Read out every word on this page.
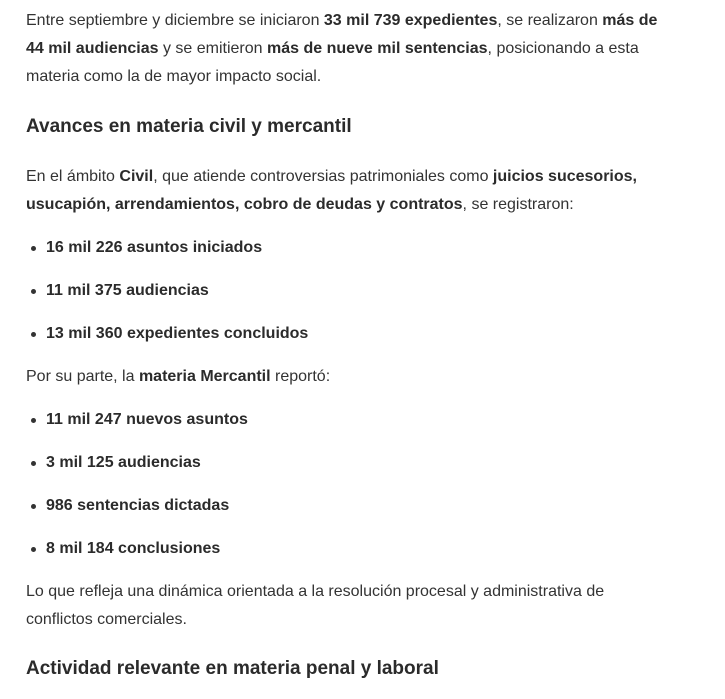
Entre septiembre y diciembre se iniciaron 33 mil 739 expedientes, se realizaron más de 44 mil audiencias y se emitieron más de nueve mil sentencias, posicionando a esta materia como la de mayor impacto social.

Avances en materia civil y mercantil

En el ámbito Civil, que atiende controversias patrimoniales como juicios sucesorios, usucapión, arrendamientos, cobro de deudas y contratos, se registraron:

16 mil 226 asuntos iniciados
11 mil 375 audiencias
13 mil 360 expedientes concluidos

Por su parte, la materia Mercantil reportó:

11 mil 247 nuevos asuntos
3 mil 125 audiencias
986 sentencias dictadas
8 mil 184 conclusiones

Lo que refleja una dinámica orientada a la resolución procesal y administrativa de conflictos comerciales.

Actividad relevante en materia penal y laboral
